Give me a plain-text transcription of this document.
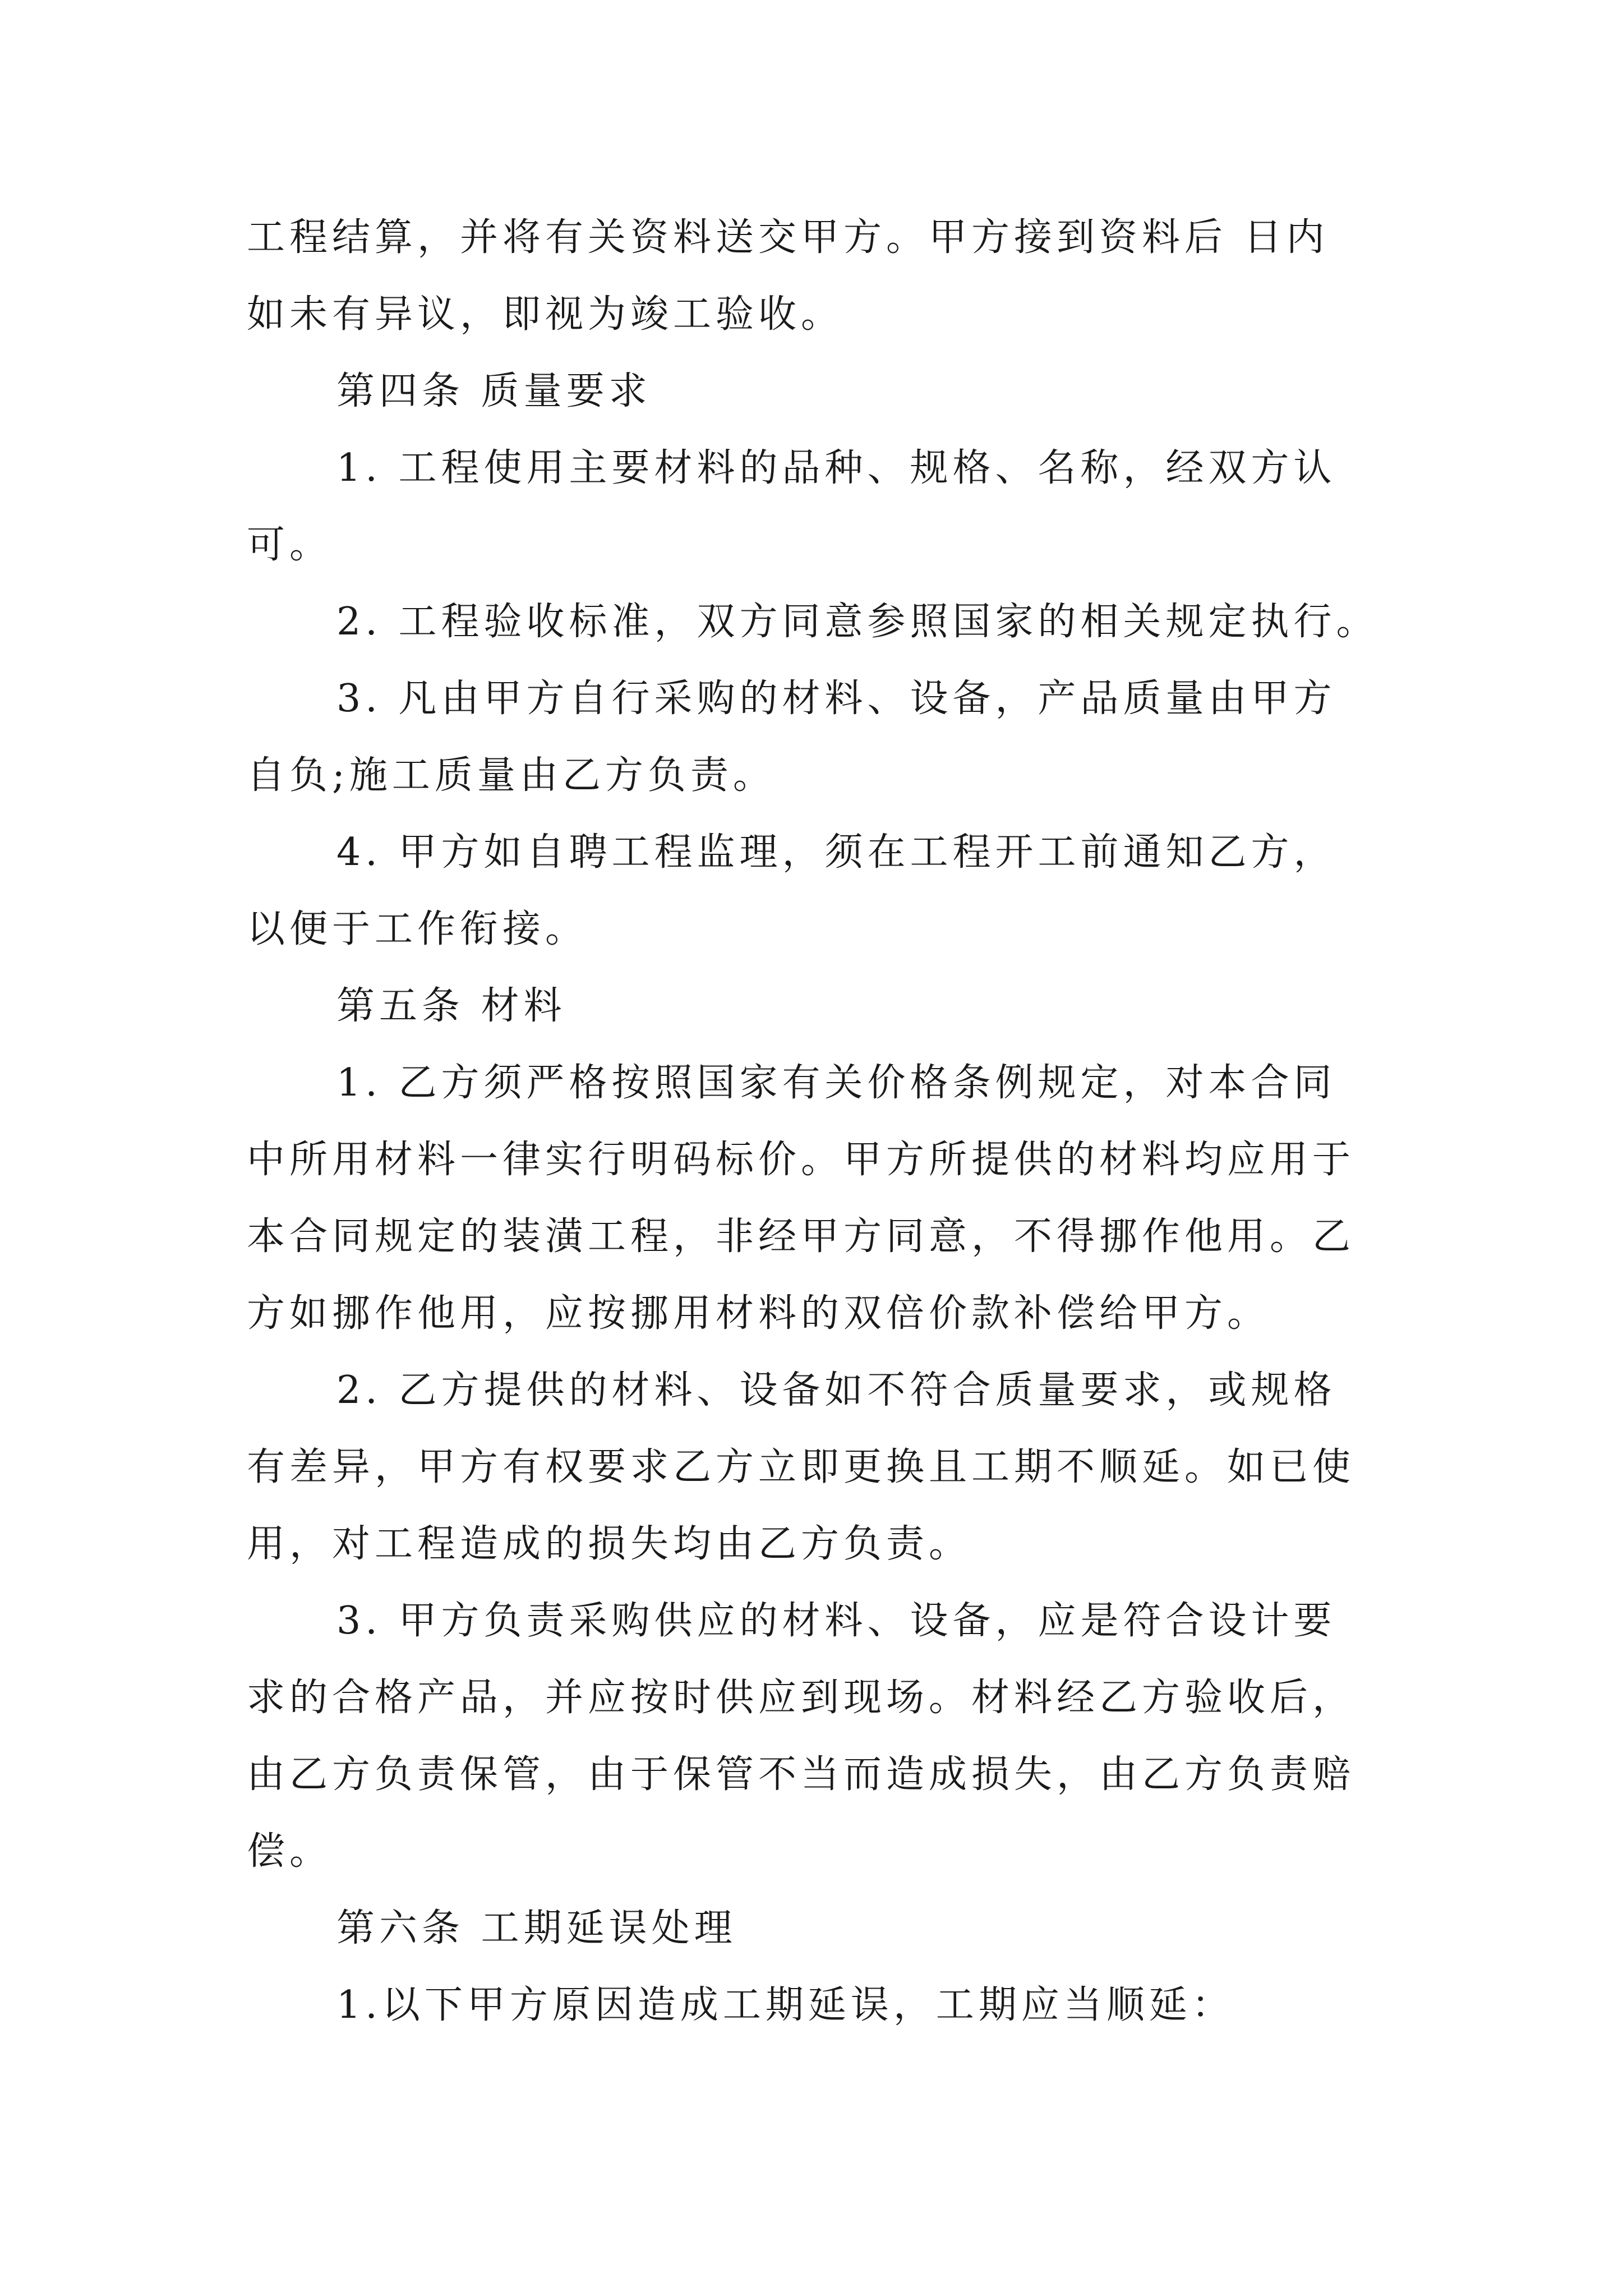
工程结算，并将有关资料送交甲方。甲方接到资料后 日内
如未有异议，即视为竣工验收。
第四条 质量要求
1. 工程使用主要材料的品种、规格、名称，经双方认
可。
2. 工程验收标准，双方同意参照国家的相关规定执行。
3. 凡由甲方自行采购的材料、设备，产品质量由甲方
自负;施工质量由乙方负责。
4. 甲方如自聘工程监理，须在工程开工前通知乙方，
以便于工作衔接。
第五条 材料
1. 乙方须严格按照国家有关价格条例规定，对本合同
中所用材料一律实行明码标价。甲方所提供的材料均应用于
本合同规定的装潢工程，非经甲方同意，不得挪作他用。乙
方如挪作他用，应按挪用材料的双倍价款补偿给甲方。
2. 乙方提供的材料、设备如不符合质量要求，或规格
有差异，甲方有权要求乙方立即更换且工期不顺延。如已使
用，对工程造成的损失均由乙方负责。
3. 甲方负责采购供应的材料、设备，应是符合设计要
求的合格产品，并应按时供应到现场。材料经乙方验收后，
由乙方负责保管，由于保管不当而造成损失，由乙方负责赔
偿。
第六条 工期延误处理
1.以下甲方原因造成工期延误，工期应当顺延：
